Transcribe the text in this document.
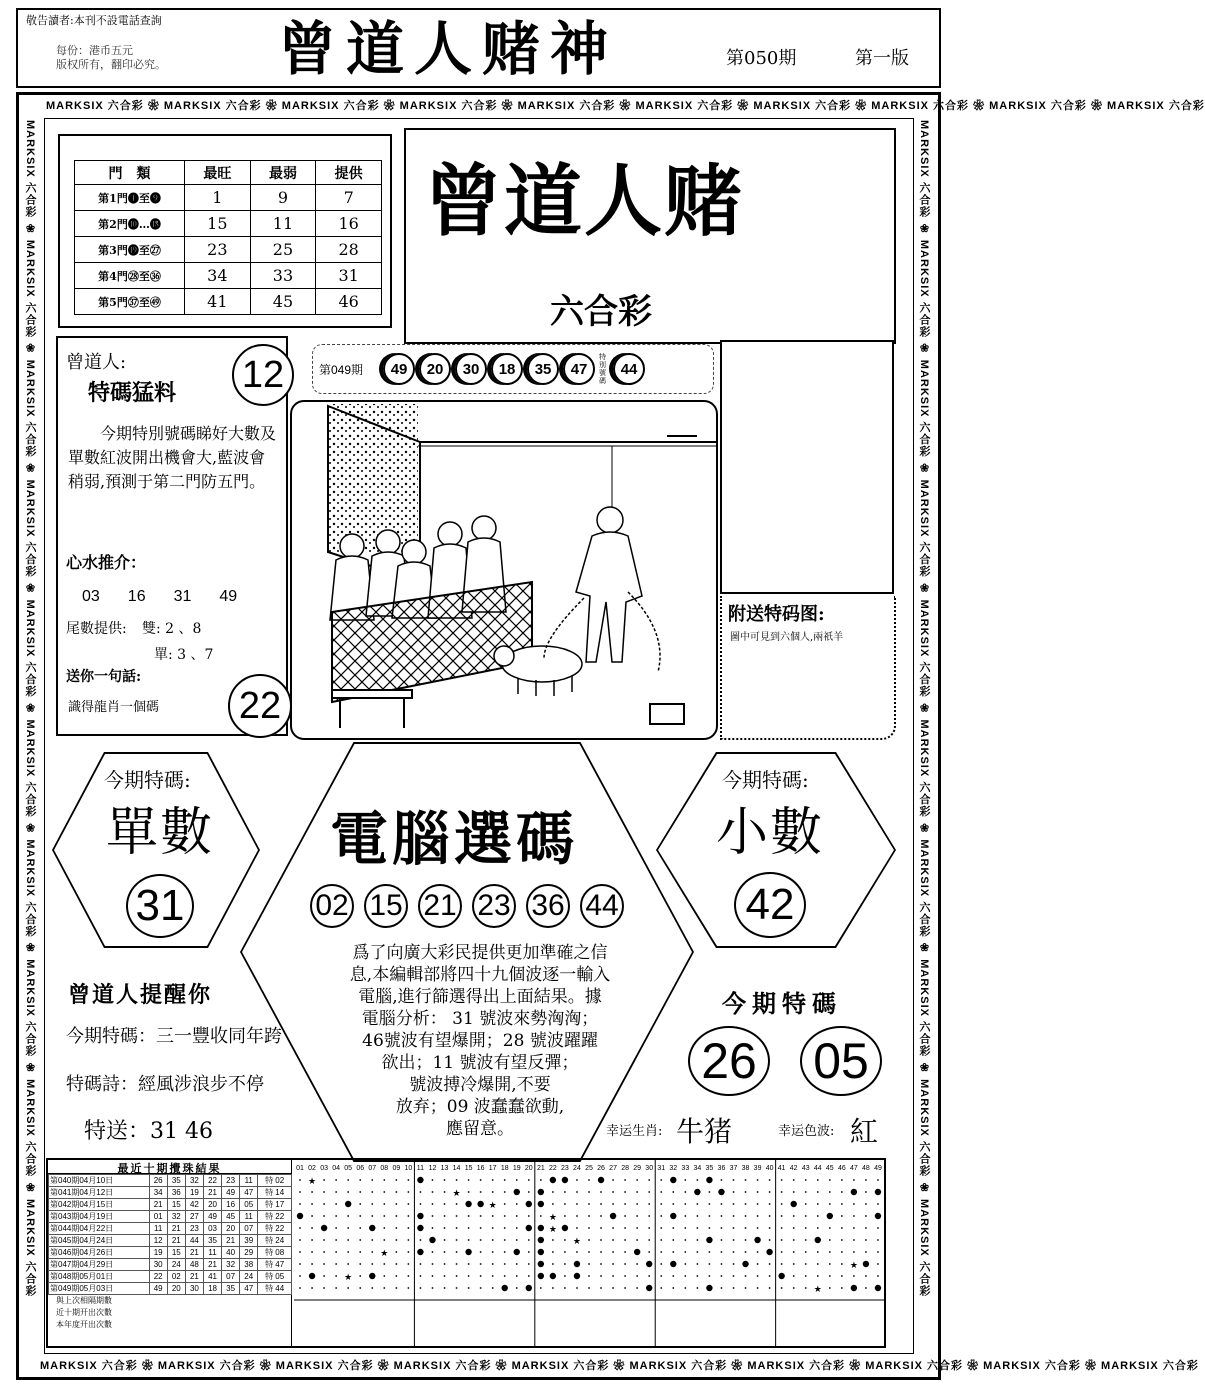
敬告讀者:本刊不設電話查詢
每份：港币五元
版权所有，翻印必究。 曾道人赌神	第050期	第一版
MARKSIX 六合彩 ❀ MARKSIX 六合彩 ❀ MARKSIX 六合彩 ❀ MARKSIX 六合彩 ❀ MARKSIX 六合彩 ❀ MARKSIX 六合彩 ❀ MARKSIX 六合彩 ❀ MARKSIX 六合彩 ❀ MARKSIX 六合彩 ❀ MARKSIX 六合彩
MARKSIX 六合彩 ❀ MARKSIX 六合彩 ❀ MARKSIX 六合彩 ❀ MARKSIX 六合彩 ❀ MARKSIX 六合彩 ❀ MARKSIX 六合彩 ❀ MARKSIX 六合彩 ❀ MARKSIX 六合彩 ❀ MARKSIX 六合彩 ❀ MARKSIX 六合彩
MARKSIX 六合彩 ❀ MARKSIX 六合彩 ❀ MARKSIX 六合彩 ❀ MARKSIX 六合彩 ❀ MARKSIX 六合彩 ❀ MARKSIX 六合彩 ❀ MARKSIX 六合彩 ❀ MARKSIX 六合彩 ❀ MARKSIX 六合彩 ❀ MARKSIX 六合彩	MARKSIX 六合彩 ❀ MARKSIX 六合彩 ❀ MARKSIX 六合彩 ❀ MARKSIX 六合彩 ❀ MARKSIX 六合彩 ❀ MARKSIX 六合彩 ❀ MARKSIX 六合彩 ❀ MARKSIX 六合彩 ❀ MARKSIX 六合彩 ❀ MARKSIX 六合彩
門　類	最旺	最弱	提供
第1門❶至❾	1	9	7
第2門❿…⓲	15	11	16
第3門⓳至㉗	23	25	28
第4門㉘至㊱	34	33	31
第5門㊲至㊾	41	45	46
曾道人赌
六合彩
曾道人:
特碼猛料
今期特別號碼睇好大數及單數紅波開出機會大,藍波會稍弱,預測于第二門防五門。
心水推介：
03 16 31 49
尾數提供: 雙: 2 、8
單: 3 、7
送你一句話:
識得龍肖一個碼
12
22
第049期	49	20	30	18	35	47
特別號碼
44
附送特码图:
圖中可見到六個人,兩祇羊
今期特碼:
單數
31
今期特碼:
小數
42
電腦選碼
02 15 21 23 36 44
爲了向廣大彩民提供更加準確之信
息,本編輯部將四十九個波逐一輸入
電腦,進行篩選得出上面結果。據
電腦分析： 31 號波來勢洶洶；
46號波有望爆開；28 號波躍躍
欲出；11 號波有望反彈；
號波搏冷爆開,不要
放弃；09 波蠢蠢欲動,
應留意。
曾道人提醒你
今期特碼：三一豐收同年跨
特碼詩：經風涉浪步不停
特送：31 46
今期特碼
26 05
幸运生肖: 牛猪	幸运色波: 紅
最近十期攪珠結果
第040期04月10日	26	35	32	22	23	11	特 02
第041期04月12日	34	36	19	21	49	47	特 14
第042期04月15日	21	15	42	20	16	05	特 17
第043期04月19日	01	32	27	49	45	11	特 22
第044期04月22日	11	21	23	03	20	07	特 22
第045期04月24日	12	21	44	35	21	39	特 24
第046期04月26日	19	15	21	11	40	29	特 08
第047期04月29日	30	24	48	21	32	38	特 47
第048期05月01日	22	02	21	41	07	24	特 05
第049期05月03日	49	20	30	18	35	47	特 44
與上次相隔期數
近十期开出次數
本年度开出次數
01 02 03 04 05 06 07 08 09 10 11 12 13 14 15 16 17 18 19 20 21 22 23 24 25 26 27 28 29 30 31 32 33 34 35 36 37 38 39 40 41 42 43 44 45 46 47 48 49
★
★
★
★
★
★
★
★
★
★
